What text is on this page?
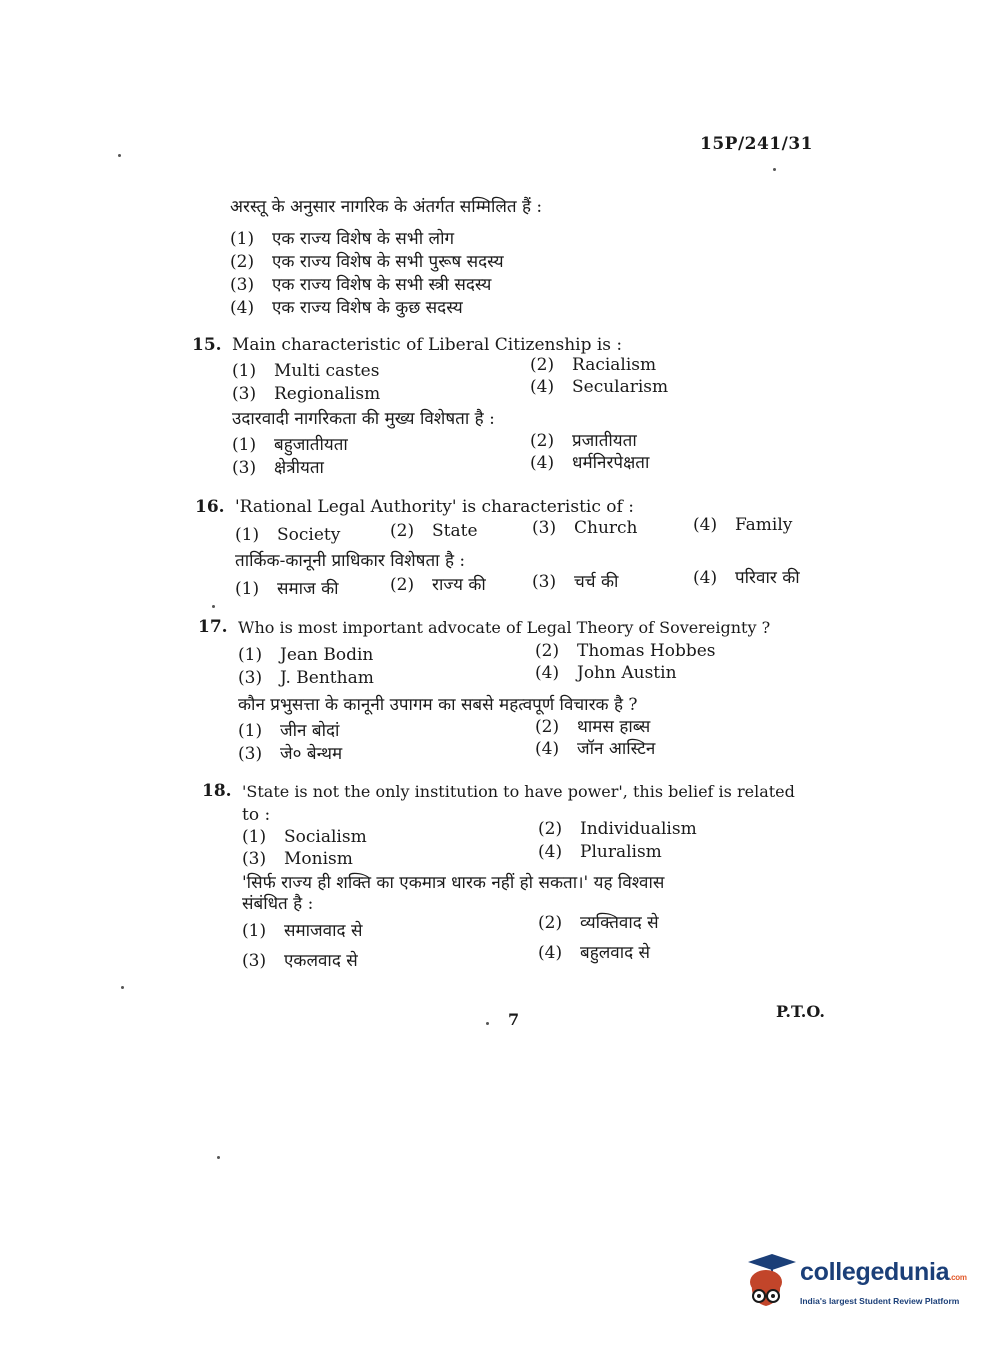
15P/241/31
अरस्तू के अनुसार नागरिक के अंतर्गत सम्मिलित हैं :
(1) एक राज्य विशेष के सभी लोग
(2) एक राज्य विशेष के सभी पुरूष सदस्य
(3) एक राज्य विशेष के सभी स्त्री सदस्य
(4) एक राज्य विशेष के कुछ सदस्य
15. Main characteristic of Liberal Citizenship is :
(1) Multi castes	(2) Racialism
(3) Regionalism	(4) Secularism
उदारवादी नागरिकता की मुख्य विशेषता है :
(1) बहुजातीयता	(2) प्रजातीयता
(3) क्षेत्रीयता	(4) धर्मनिरपेक्षता
16. 'Rational Legal Authority' is characteristic of :
(1) Society	(2) State	(3) Church	(4) Family
तार्किक-कानूनी प्राधिकार विशेषता है :
(1) समाज की	(2) राज्य की	(3) चर्च की	(4) परिवार की
17. Who is most important advocate of Legal Theory of Sovereignty ?
(1) Jean Bodin	(2) Thomas Hobbes
(3) J. Bentham	(4) John Austin
कौन प्रभुसत्ता के कानूनी उपागम का सबसे महत्वपूर्ण विचारक है ?
(1) जीन बोदां	(2) थामस हाब्स
(3) जे० बेन्थम	(4) जॉन आस्टिन
18. 'State is not the only institution to have power', this belief is related
to :
(1) Socialism	(2) Individualism
(3) Monism	(4) Pluralism
'सिर्फ राज्य ही शक्ति का एकमात्र धारक नहीं हो सकता।' यह विश्वास
संबंधित है :
(1) समाजवाद से	(2) व्यक्तिवाद से
(3) एकलवाद से	(4) बहुलवाद से
7	P.T.O.
collegedunia.com
India's largest Student Review Platform
